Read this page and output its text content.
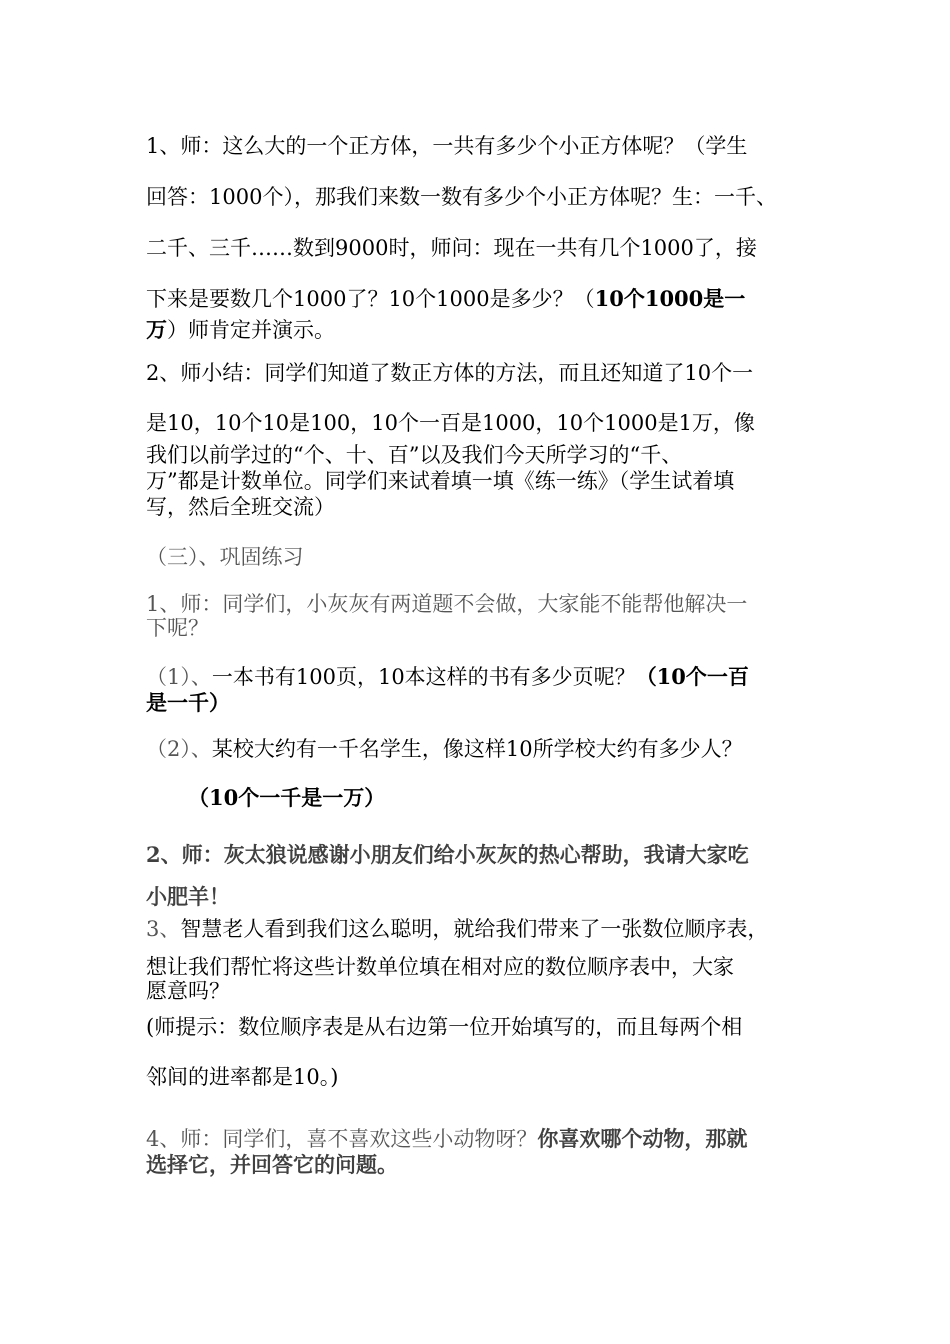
1、师：这么大的一个正方体，一共有多少个小正方体呢？（学生
回答：1000个），那我们来数一数有多少个小正方体呢？生：一千、
二千、三千……数到9000时，师问：现在一共有几个1000了，接
下来是要数几个1000了？10个1000是多少？（10个1000是一
万）师肯定并演示。
2、师小结：同学们知道了数正方体的方法，而且还知道了10个一
是10，10个10是100，10个一百是1000，10个1000是1万，像
我们以前学过的“个、十、百”以及我们今天所学习的“千、
万”都是计数单位。同学们来试着填一填《练一练》（学生试着填
写，然后全班交流）
（三）、巩固练习
1、师：同学们，小灰灰有两道题不会做，大家能不能帮他解决一
下呢？
（1）、一本书有100页，10本这样的书有多少页呢？（10个一百
是一千）
（2）、某校大约有一千名学生，像这样10所学校大约有多少人？
（10个一千是一万）
2、师：灰太狼说感谢小朋友们给小灰灰的热心帮助，我请大家吃
小肥羊！
3、智慧老人看到我们这么聪明，就给我们带来了一张数位顺序表，
想让我们帮忙将这些计数单位填在相对应的数位顺序表中，大家
愿意吗？
(师提示：数位顺序表是从右边第一位开始填写的，而且每两个相
邻间的进率都是10。)
4、师：同学们，喜不喜欢这些小动物呀？你喜欢哪个动物，那就
选择它，并回答它的问题。
